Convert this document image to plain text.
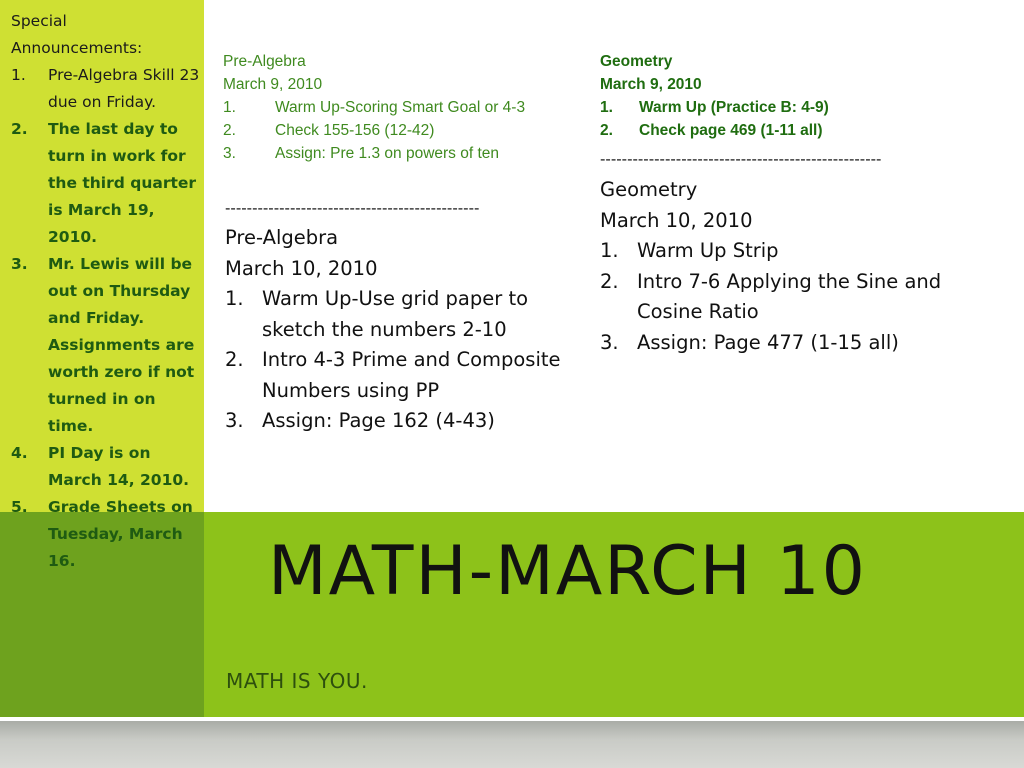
Special
Announcements:
1. Pre-Algebra Skill 23 due on Friday.
2. The last day to turn in work for the third quarter is March 19, 2010.
3. Mr. Lewis will be out on Thursday and Friday. Assignments are worth zero if not turned in on time.
4. PI Day is on March 14, 2010.
5. Grade Sheets on Tuesday, March 16.
Pre-Algebra
March 9, 2010
1.	Warm Up-Scoring Smart Goal or 4-3
2.	Check 155-156 (12-42)
3.	Assign: Pre 1.3 on powers of ten
Geometry
March 9, 2010
1. Warm Up (Practice B: 4-9)
2. Check page 469 (1-11 all)
-----------------------------------------------
----------------------------------------------------
Pre-Algebra
March 10, 2010
1. Warm Up-Use grid paper to sketch the numbers 2-10
2. Intro 4-3 Prime and Composite Numbers using PP
3. Assign: Page 162 (4-43)
Geometry
March 10, 2010
1. Warm Up Strip
2. Intro 7-6 Applying the Sine and Cosine Ratio
3. Assign: Page 477 (1-15 all)
MATH-MARCH 10
MATH IS YOU.
